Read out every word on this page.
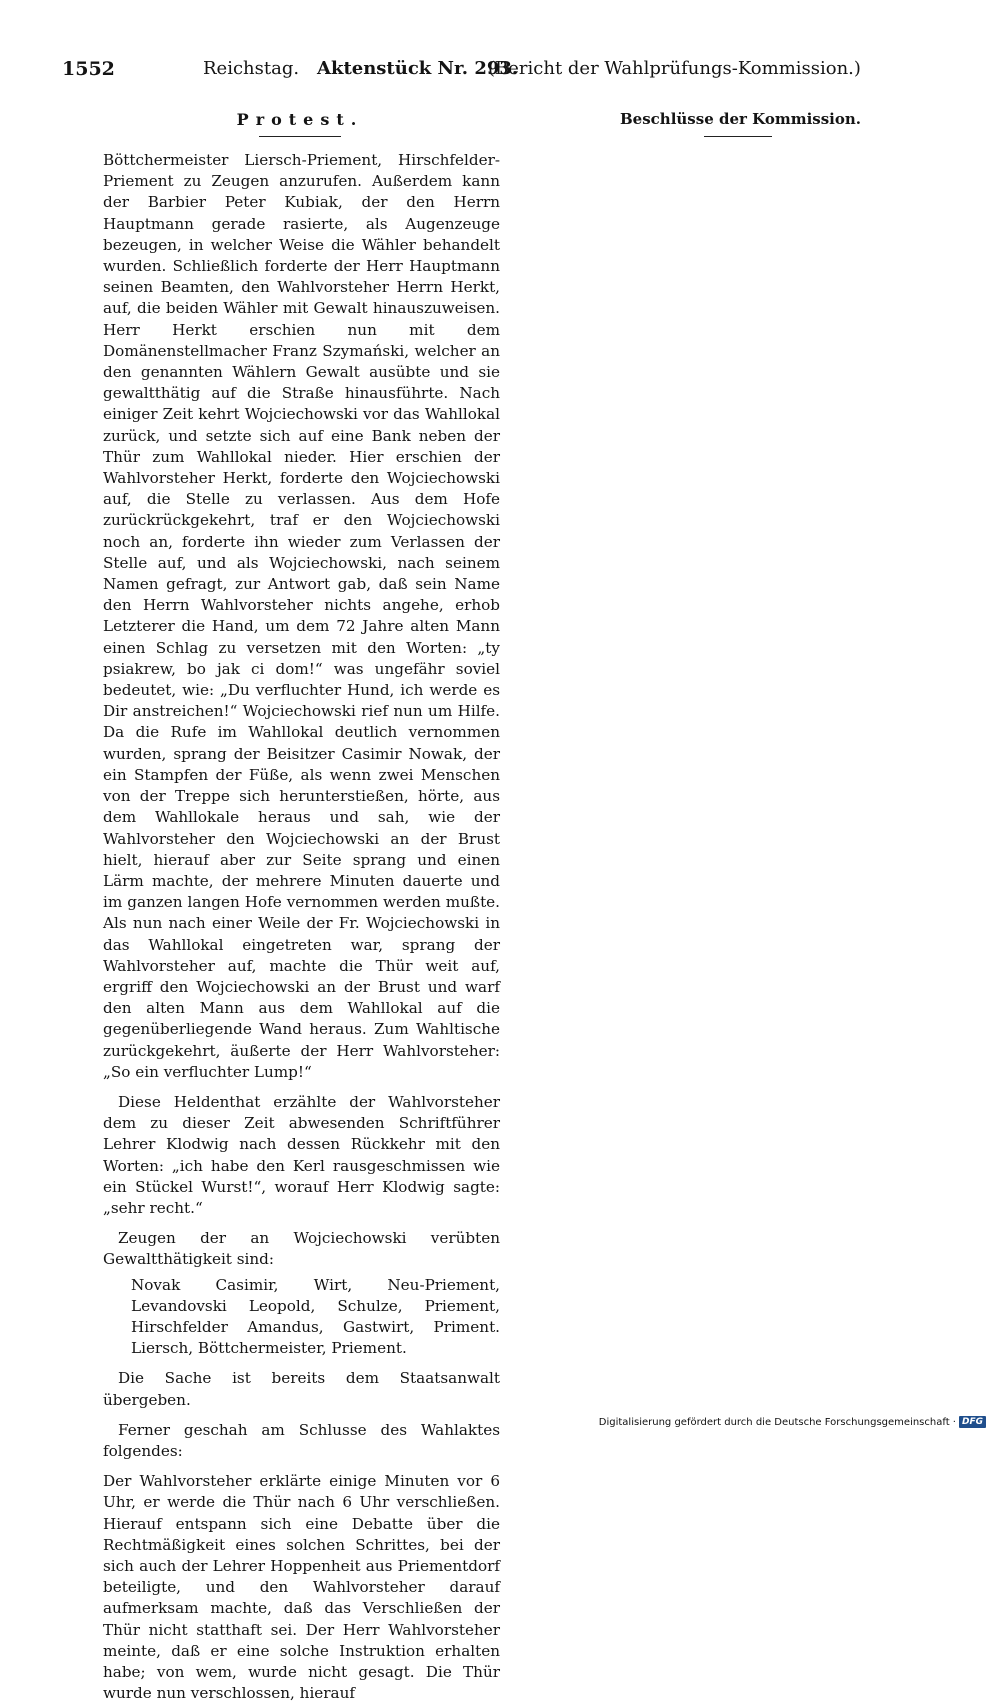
1552	Reichstag. Aktenstück Nr. 293.
(Bericht der Wahlprüfungs-Kommission.)
Protest.	Beschlüsse der Kommission.

Böttchermeister Liersch-Priement, Hirschfelder-Priement zu Zeugen anzurufen. Außerdem kann der Barbier Peter Kubiak, der den Herrn Hauptmann gerade rasierte, als Augenzeuge bezeugen, in welcher Weise die Wähler behandelt wurden. Schließlich forderte der Herr Hauptmann seinen Beamten, den Wahlvorsteher Herrn Herkt, auf, die beiden Wähler mit Gewalt hinauszuweisen. Herr Herkt erschien nun mit dem Domänenstellmacher Franz Szymański, welcher an den genannten Wählern Gewalt ausübte und sie gewaltthätig auf die Straße hinausführte. Nach einiger Zeit kehrt Wojciechowski vor das Wahllokal zurück, und setzte sich auf eine Bank neben der Thür zum Wahllokal nieder. Hier erschien der Wahlvorsteher Herkt, forderte den Wojciechowski auf, die Stelle zu verlassen. Aus dem Hofe zurückrückgekehrt, traf er den Wojciechowski noch an, forderte ihn wieder zum Verlassen der Stelle auf, und als Wojciechowski, nach seinem Namen gefragt, zur Antwort gab, daß sein Name den Herrn Wahlvorsteher nichts angehe, erhob Letzterer die Hand, um dem 72 Jahre alten Mann einen Schlag zu versetzen mit den Worten: „ty psiakrew, bo jak ci dom!“ was ungefähr soviel bedeutet, wie: „Du verfluchter Hund, ich werde es Dir anstreichen!“ Wojciechowski rief nun um Hilfe. Da die Rufe im Wahllokal deutlich vernommen wurden, sprang der Beisitzer Casimir Nowak, der ein Stampfen der Füße, als wenn zwei Menschen von der Treppe sich herunterstießen, hörte, aus dem Wahllokale heraus und sah, wie der Wahlvorsteher den Wojciechowski an der Brust hielt, hierauf aber zur Seite sprang und einen Lärm machte, der mehrere Minuten dauerte und im ganzen langen Hofe vernommen werden mußte. Als nun nach einer Weile der Fr. Wojciechowski in das Wahllokal eingetreten war, sprang der Wahlvorsteher auf, machte die Thür weit auf, ergriff den Wojciechowski an der Brust und warf den alten Mann aus dem Wahllokal auf die gegenüberliegende Wand heraus. Zum Wahltische zurückgekehrt, äußerte der Herr Wahlvorsteher: „So ein verfluchter Lump!“

Diese Heldenthat erzählte der Wahlvorsteher dem zu dieser Zeit abwesenden Schriftführer Lehrer Klodwig nach dessen Rückkehr mit den Worten: „ich habe den Kerl rausgeschmissen wie ein Stückel Wurst!“, worauf Herr Klodwig sagte: „sehr recht.“

Zeugen der an Wojciechowski verübten Gewaltthätigkeit sind:

Novak Casimir, Wirt, Neu-Priement, Levandovski Leopold, Schulze, Priement, Hirschfelder Amandus, Gastwirt, Priment. Liersch, Böttchermeister, Priement.

Die Sache ist bereits dem Staatsanwalt übergeben.

Ferner geschah am Schlusse des Wahlaktes folgendes:

Der Wahlvorsteher erklärte einige Minuten vor 6 Uhr, er werde die Thür nach 6 Uhr verschließen. Hierauf entspann sich eine Debatte über die Rechtmäßigkeit eines solchen Schrittes, bei der sich auch der Lehrer Hoppenheit aus Priementdorf beteiligte, und den Wahlvorsteher darauf aufmerksam machte, daß das Verschließen der Thür nicht statthaft sei. Der Herr Wahlvorsteher meinte, daß er eine solche Instruktion erhalten habe; von wem, wurde nicht gesagt. Die Thür wurde nun verschlossen, hierauf

Digitalisierung gefördert durch die Deutsche Forschungsgemeinschaft · DFG
